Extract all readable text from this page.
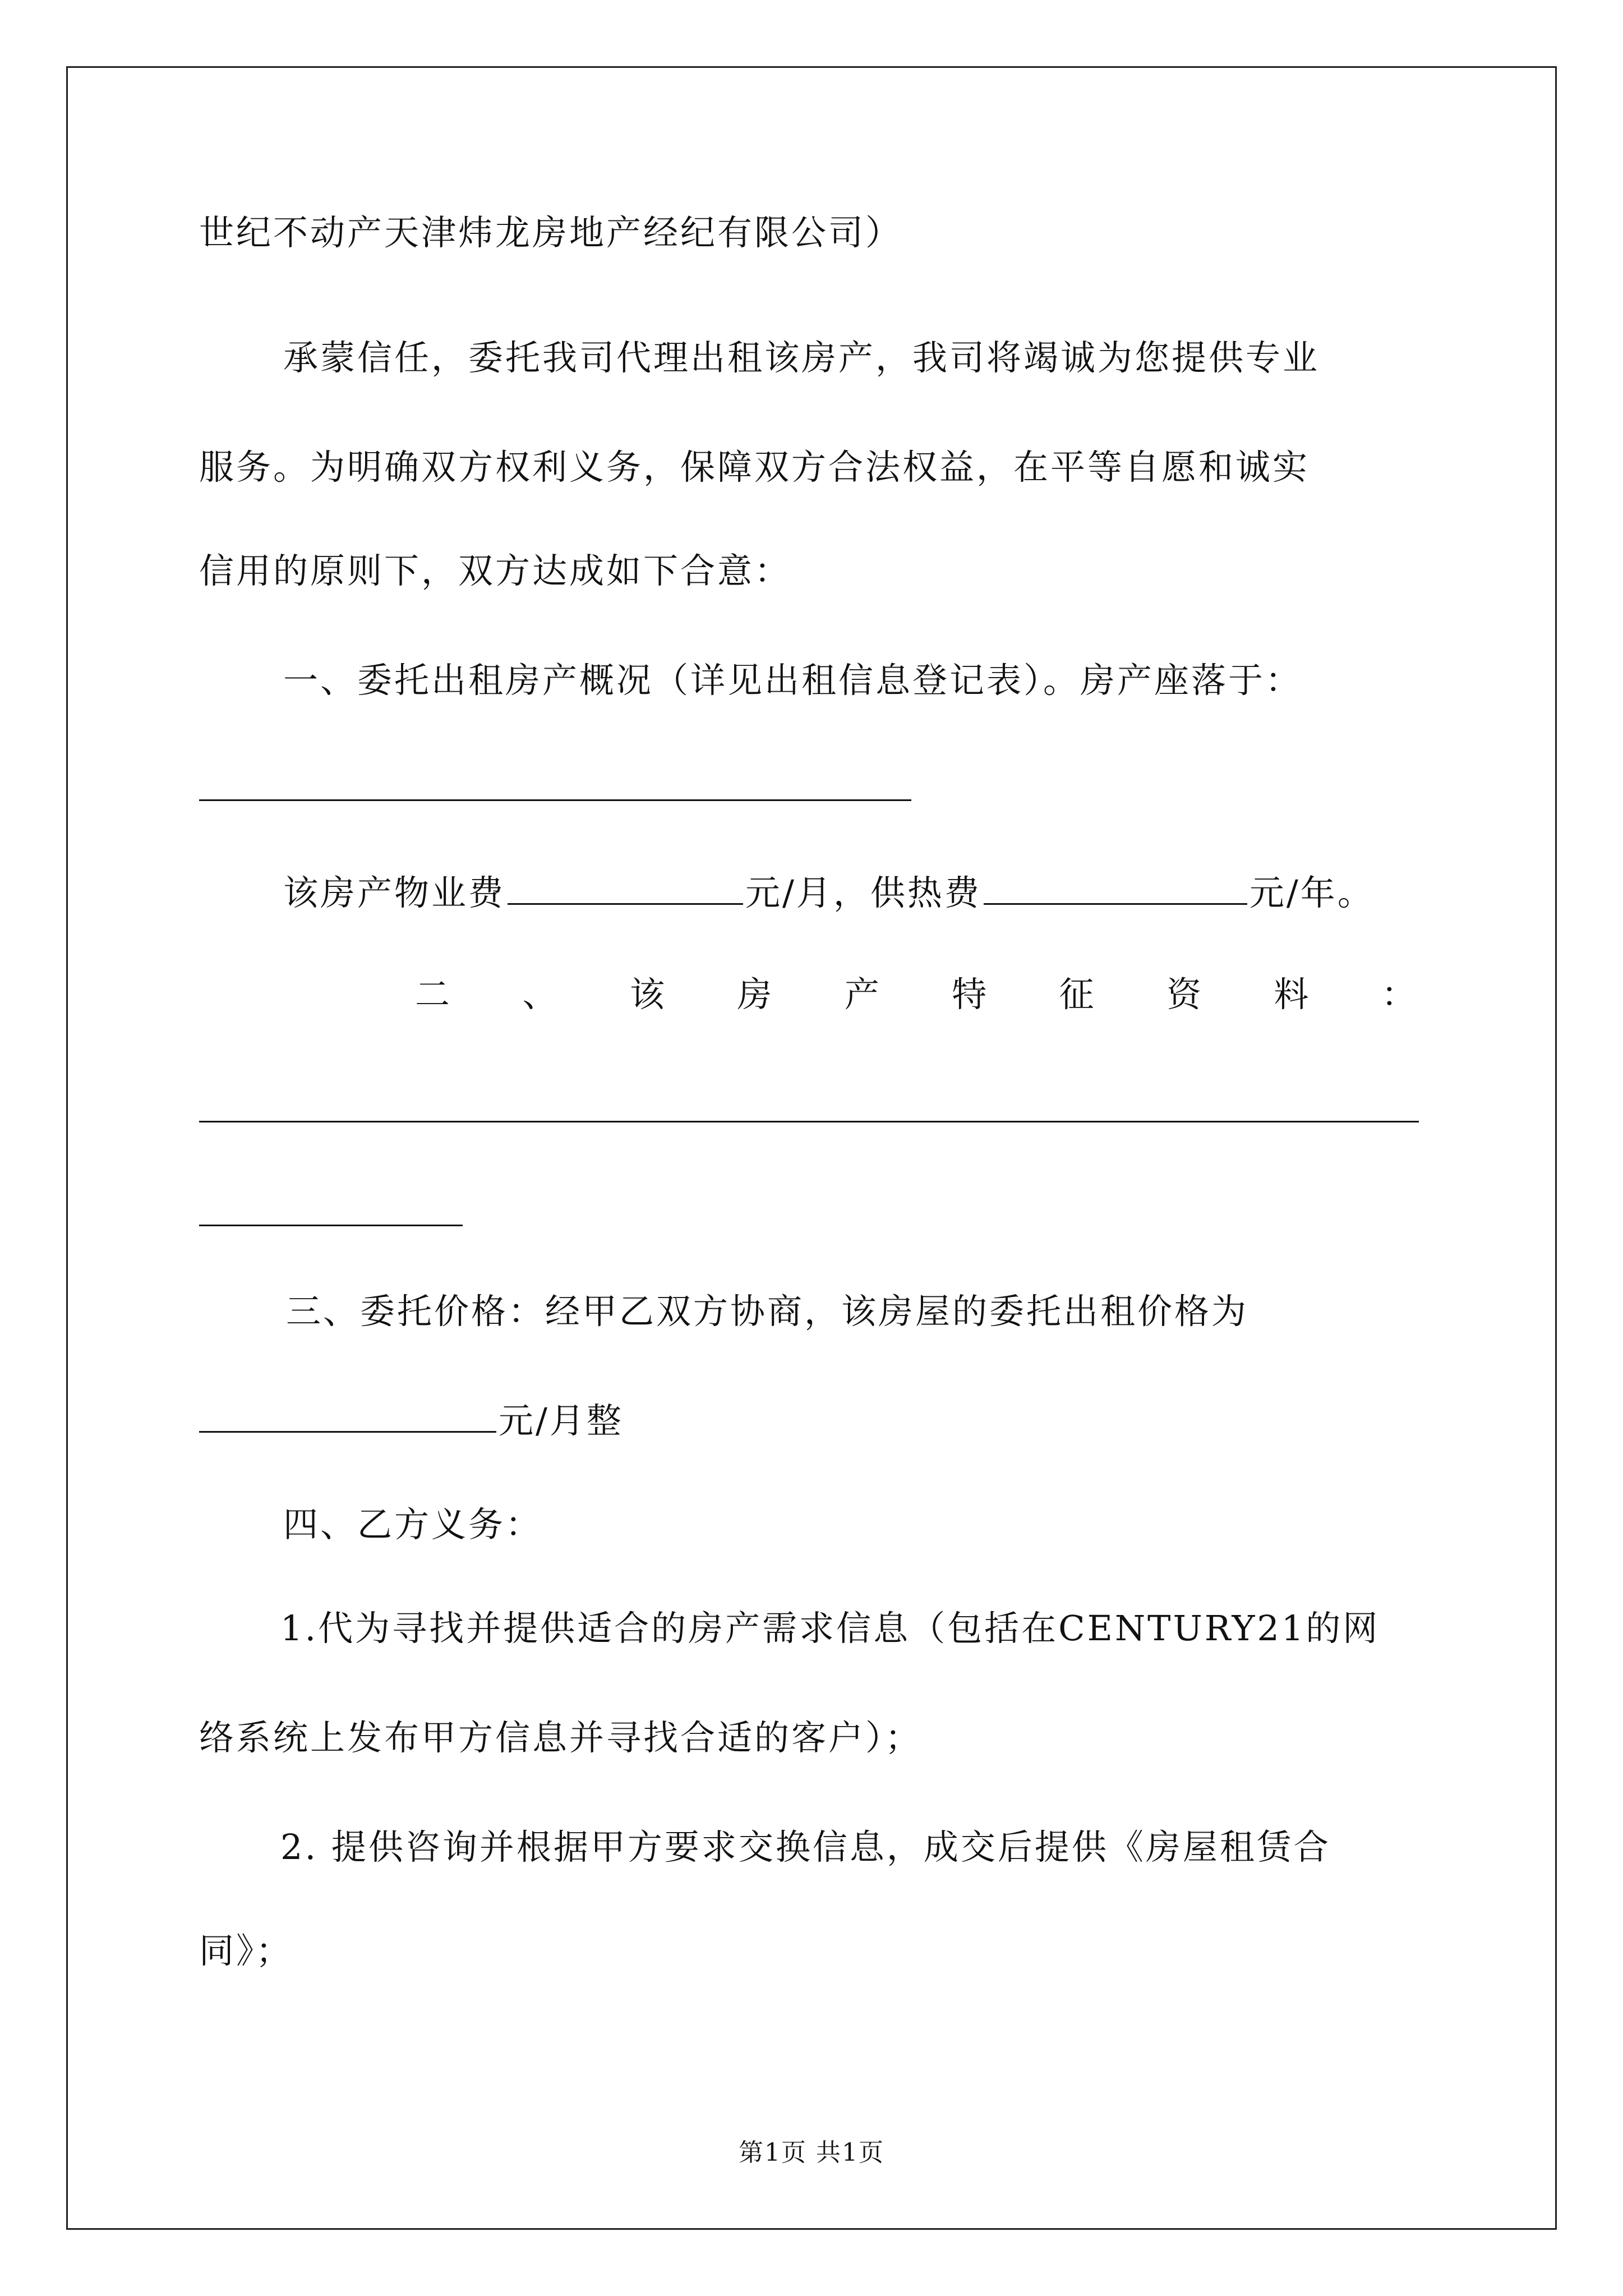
世纪不动产天津炜龙房地产经纪有限公司）
承蒙信任，委托我司代理出租该房产，我司将竭诚为您提供专业
服务。为明确双方权利义务，保障双方合法权益，在平等自愿和诚实
信用的原则下，双方达成如下合意：
一、委托出租房产概况（详见出租信息登记表）。房产座落于：
该房产物业费	元/月，供热费	元/年。
二 、 该 房 产 特 征 资 料 ：
三、委托价格：经甲乙双方协商，该房屋的委托出租价格为
元/月整
四、乙方义务：
1.代为寻找并提供适合的房产需求信息（包括在CENTURY21的网
络系统上发布甲方信息并寻找合适的客户）；
2. 提供咨询并根据甲方要求交换信息，成交后提供《房屋租赁合
同》；
第1页 共1页
